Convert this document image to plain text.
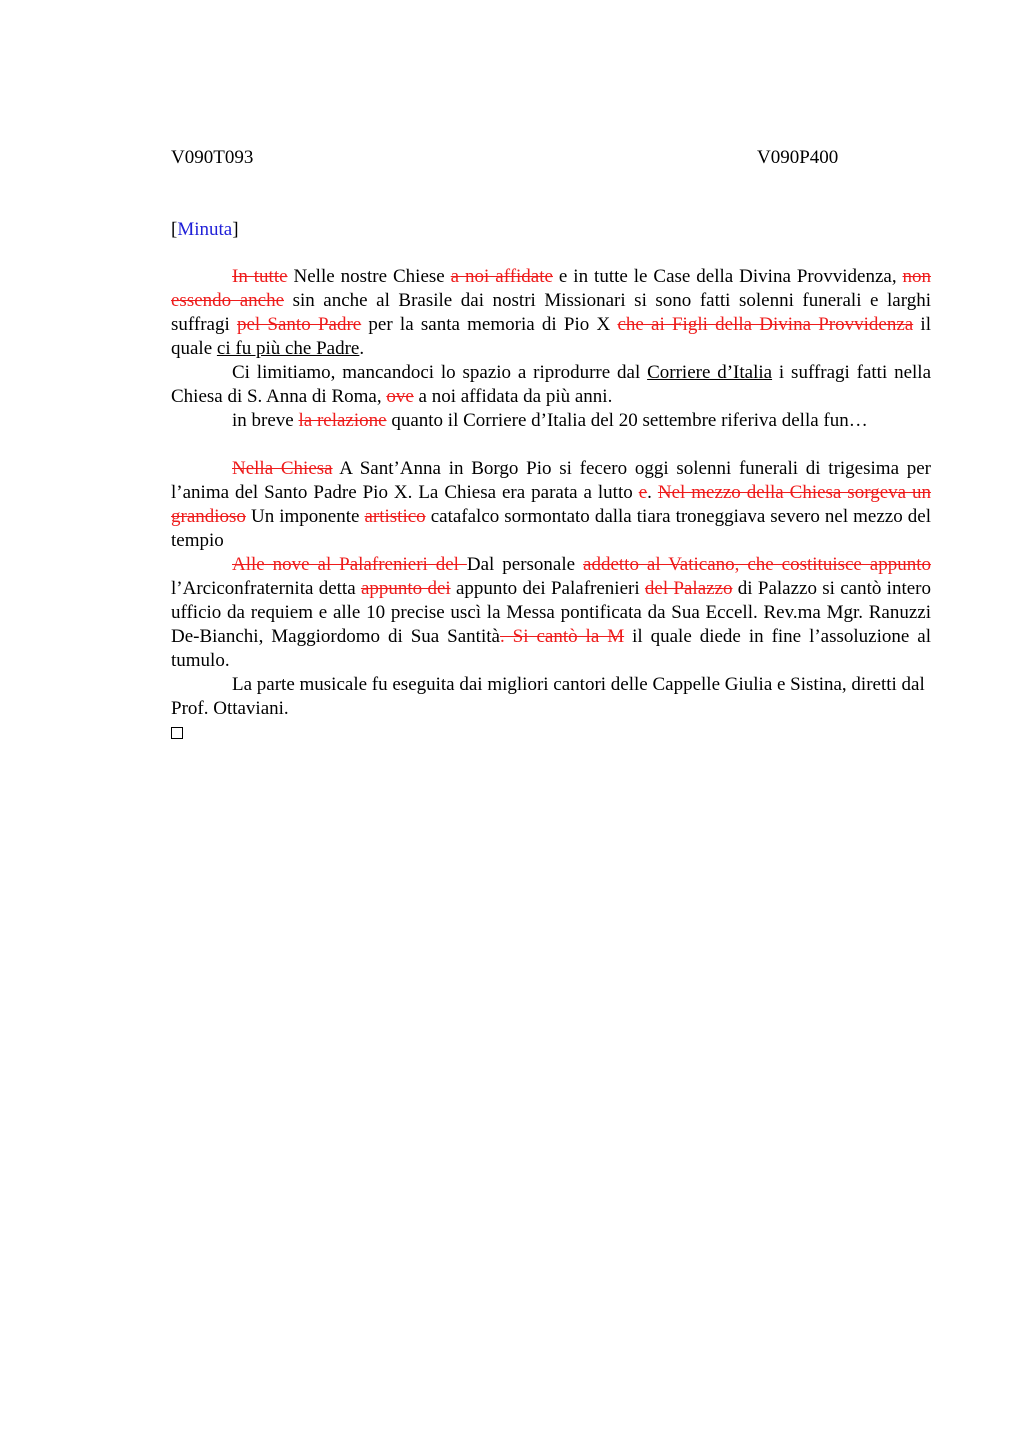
V090T093	V090P400
[Minuta]

In tutte Nelle nostre Chiese a noi affidate e in tutte le Case della Divina Provvidenza, non essendo anche sin anche al Brasile dai nostri Missionari si sono fatti solenni funerali e larghi suffragi pel Santo Padre per la santa memoria di Pio X che ai Figli della Divina Provvidenza il quale ci fu più che Padre.

Ci limitiamo, mancandoci lo spazio a riprodurre dal Corriere d’Italia i suffragi fatti nella Chiesa di S. Anna di Roma, ove a noi affidata da più anni.

in breve la relazione quanto il Corriere d’Italia del 20 settembre riferiva della fun…

Nella Chiesa A Sant’Anna in Borgo Pio si fecero oggi solenni funerali di trigesima per l’anima del Santo Padre Pio X. La Chiesa era parata a lutto e. Nel mezzo della Chiesa sorgeva un grandioso Un imponente artistico catafalco sormontato dalla tiara troneggiava severo nel mezzo del tempio

Alle nove al Palafrenieri del Dal personale addetto al Vaticano, che costituisce appunto l’Arciconfraternita detta appunto dei appunto dei Palafrenieri del Palazzo di Palazzo si cantò intero ufficio da requiem e alle 10 precise uscì la Messa pontificata da Sua Eccell. Rev.ma Mgr. Ranuzzi De-Bianchi, Maggiordomo di Sua Santità. Si cantò la M il quale diede in fine l’assoluzione al tumulo.

La parte musicale fu eseguita dai migliori cantori delle Cappelle Giulia e Sistina, diretti dal Prof. Ottaviani.
